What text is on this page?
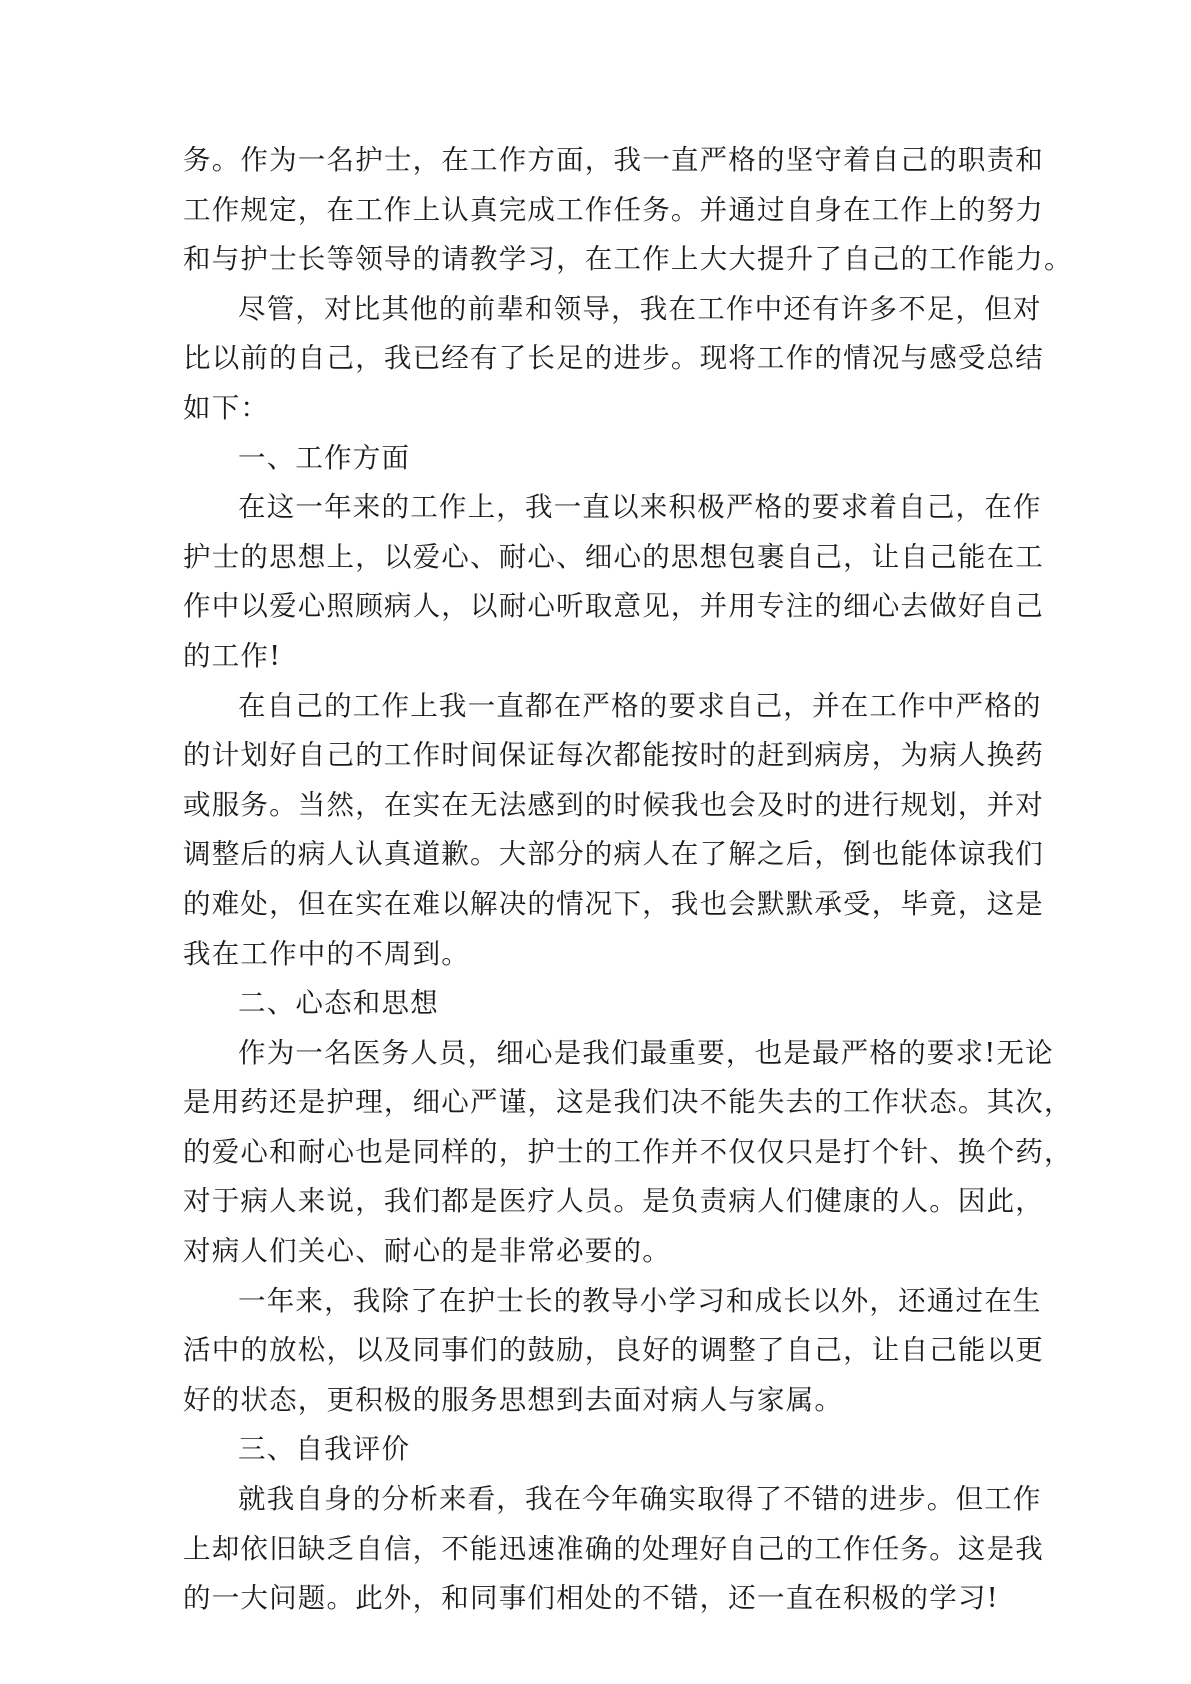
务。作为一名护士，在工作方面，我一直严格的坚守着自己的职责和
工作规定，在工作上认真完成工作任务。并通过自身在工作上的努力
和与护士长等领导的请教学习，在工作上大大提升了自己的工作能力。
尽管，对比其他的前辈和领导，我在工作中还有许多不足，但对
比以前的自己，我已经有了长足的进步。现将工作的情况与感受总结
如下：
一、工作方面
在这一年来的工作上，我一直以来积极严格的要求着自己，在作
护士的思想上，以爱心、耐心、细心的思想包裹自己，让自己能在工
作中以爱心照顾病人，以耐心听取意见，并用专注的细心去做好自己
的工作!
在自己的工作上我一直都在严格的要求自己，并在工作中严格的
的计划好自己的工作时间保证每次都能按时的赶到病房，为病人换药
或服务。当然，在实在无法感到的时候我也会及时的进行规划，并对
调整后的病人认真道歉。大部分的病人在了解之后，倒也能体谅我们
的难处，但在实在难以解决的情况下，我也会默默承受，毕竟，这是
我在工作中的不周到。
二、心态和思想
作为一名医务人员，细心是我们最重要，也是最严格的要求!无论
是用药还是护理，细心严谨，这是我们决不能失去的工作状态。其次，
的爱心和耐心也是同样的，护士的工作并不仅仅只是打个针、换个药，
对于病人来说，我们都是医疗人员。是负责病人们健康的人。因此，
对病人们关心、耐心的是非常必要的。
一年来，我除了在护士长的教导小学习和成长以外，还通过在生
活中的放松，以及同事们的鼓励，良好的调整了自己，让自己能以更
好的状态，更积极的服务思想到去面对病人与家属。
三、自我评价
就我自身的分析来看，我在今年确实取得了不错的进步。但工作
上却依旧缺乏自信，不能迅速准确的处理好自己的工作任务。这是我
的一大问题。此外，和同事们相处的不错，还一直在积极的学习!
